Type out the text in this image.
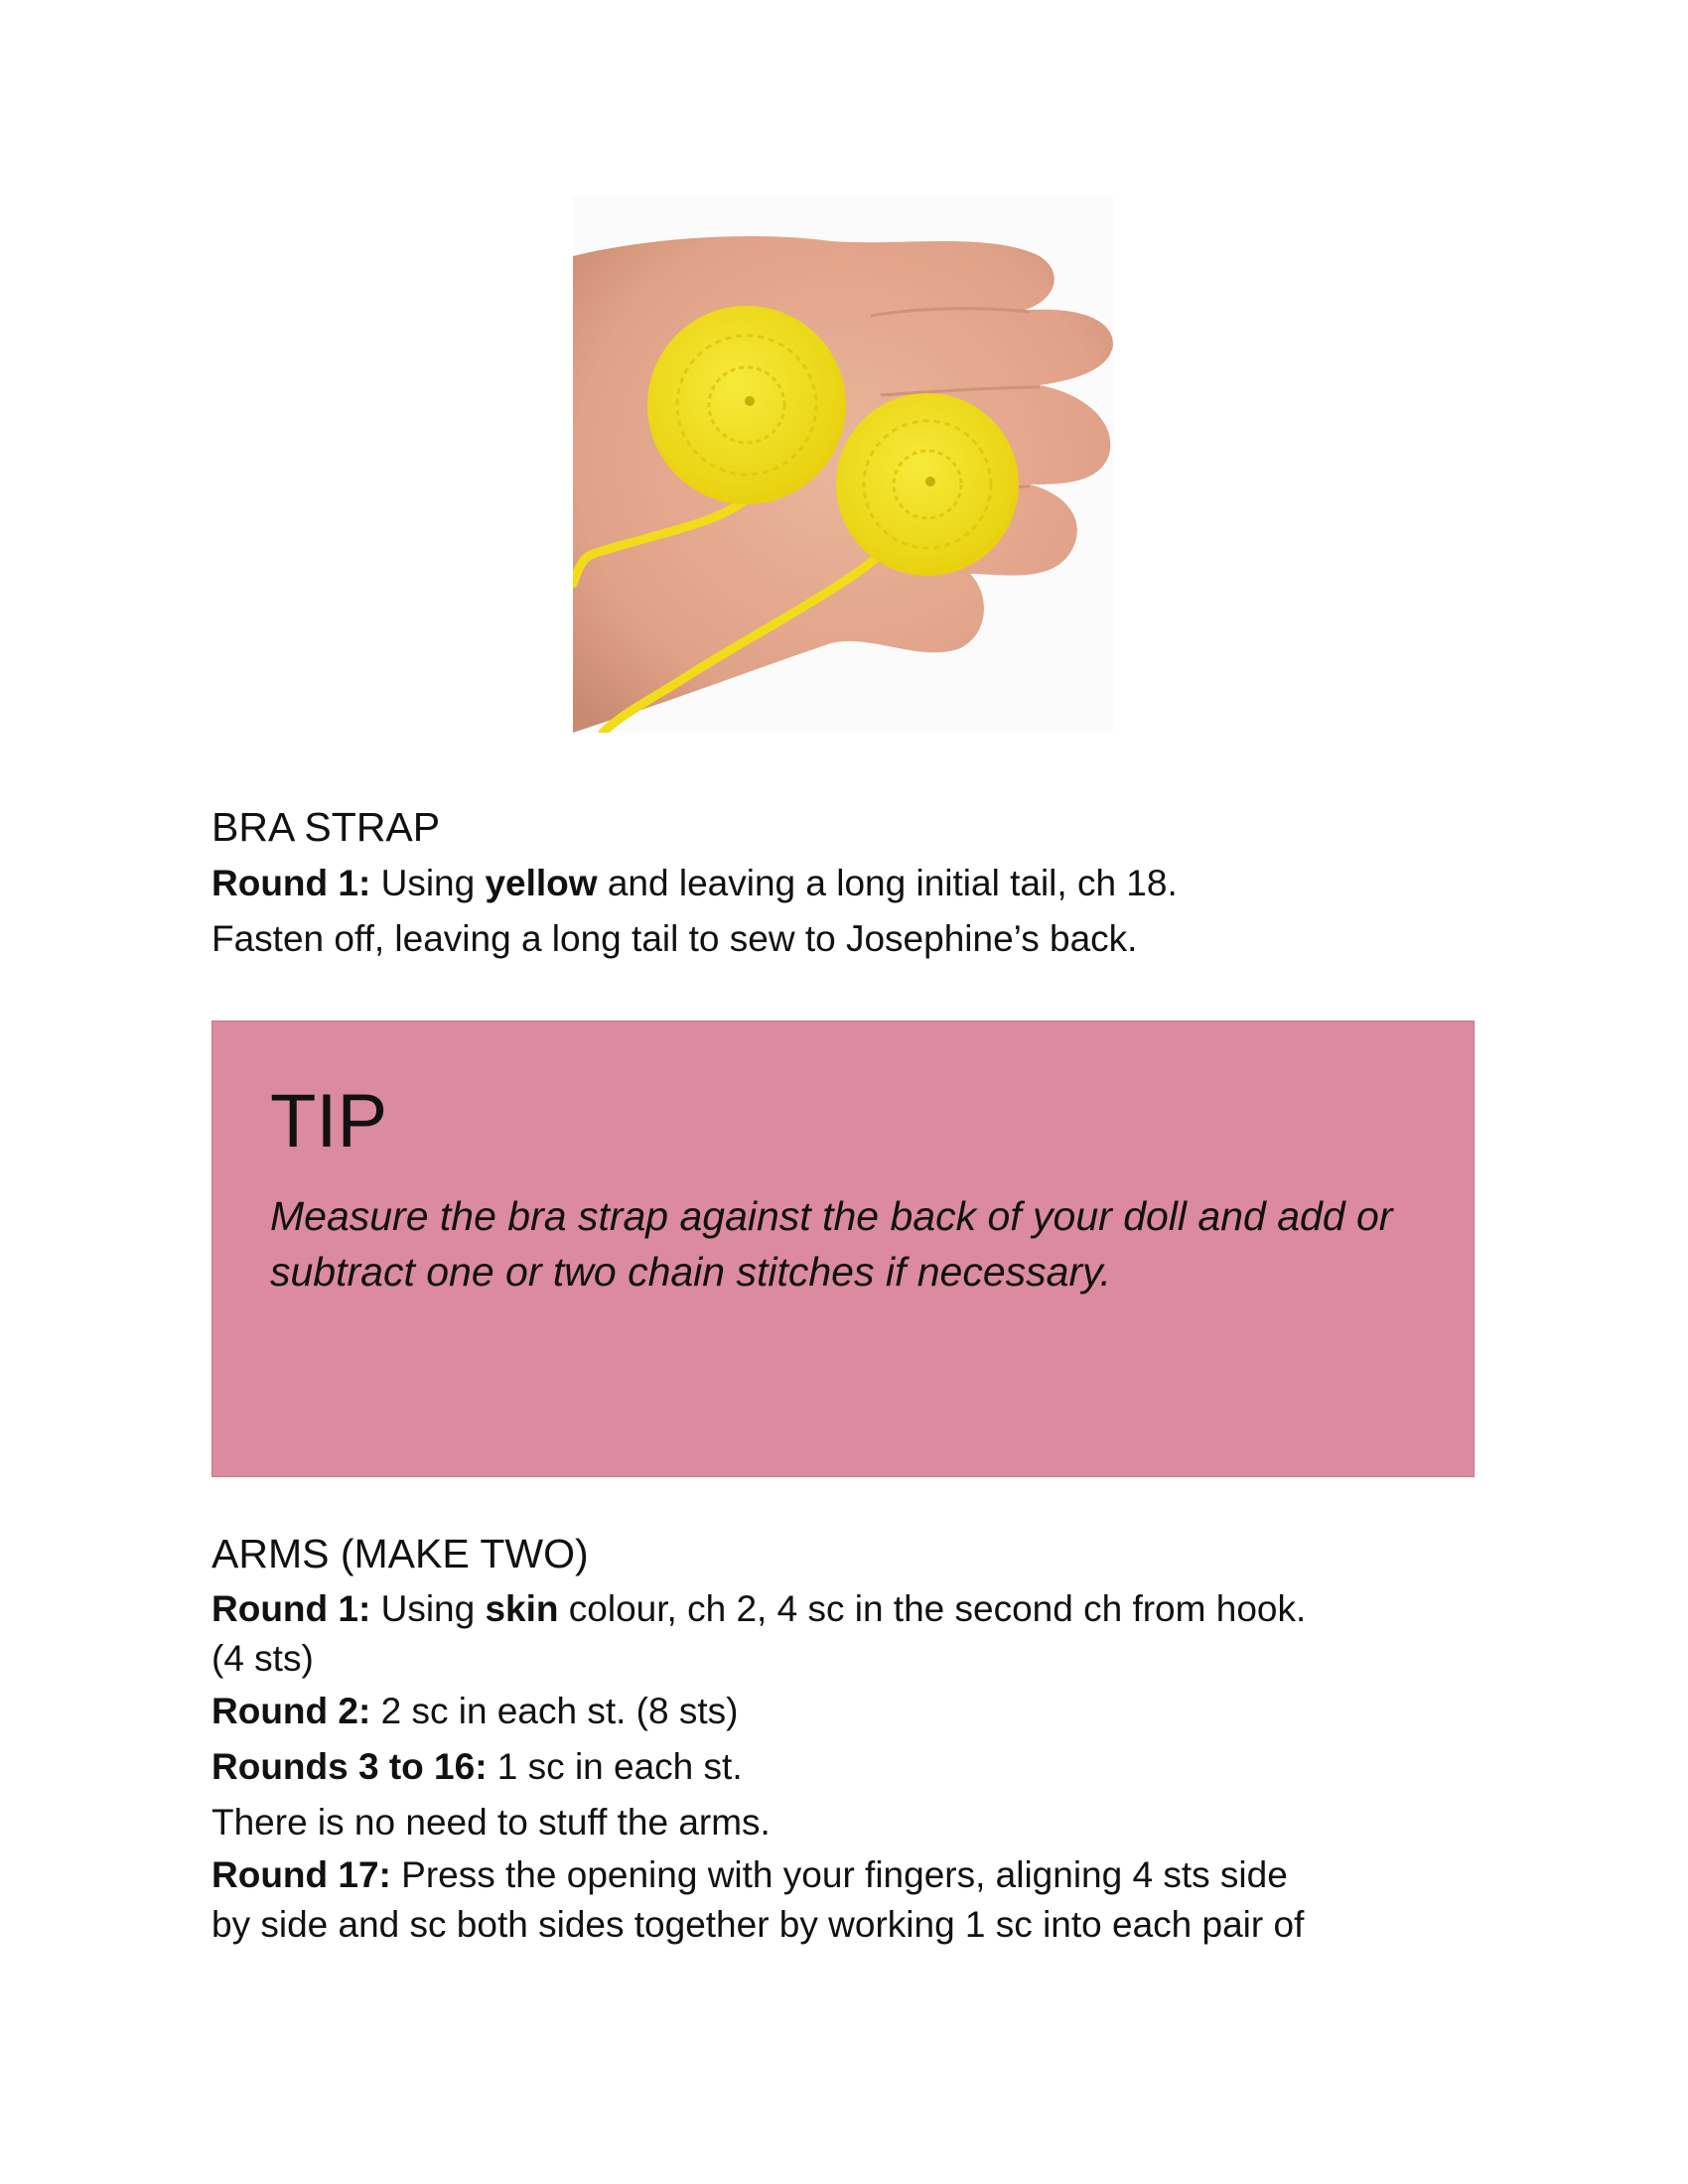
BRA STRAP

Round 1: Using yellow and leaving a long initial tail, ch 18.

Fasten off, leaving a long tail to sew to Josephine’s back.

TIP

Measure the bra strap against the back of your doll and add or subtract one or two chain stitches if necessary.

ARMS (MAKE TWO)

Round 1: Using skin colour, ch 2, 4 sc in the second ch from hook.

(4 sts)

Round 2: 2 sc in each st. (8 sts)

Rounds 3 to 16: 1 sc in each st.

There is no need to stuff the arms.

Round 17: Press the opening with your fingers, aligning 4 sts side

by side and sc both sides together by working 1 sc into each pair of
